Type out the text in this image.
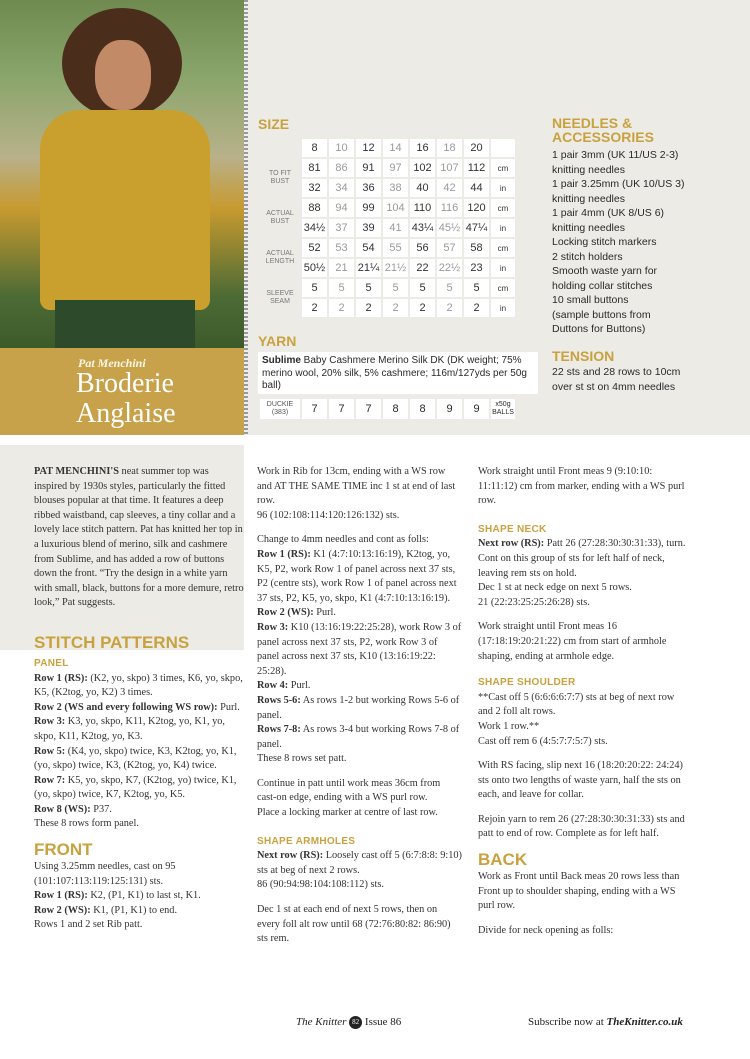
Pat Menchini
Broderie
Anglaise
SIZE
	8	10	12	14	16	18	20	
TO FIT BUST	81	86	91	97	102	107	112	cm
	32	34	36	38	40	42	44	in
ACTUAL BUST	88	94	99	104	110	116	120	cm
	34½	37	39	41	43¼	45½	47¼	in
ACTUAL LENGTH	52	53	54	55	56	57	58	cm
	50½	21	21¼	21½	22	22½	23	in
SLEEVE SEAM	5	5	5	5	5	5	5	cm
	2	2	2	2	2	2	2	in
YARN
Sublime Baby Cashmere Merino Silk DK (DK weight; 75% merino wool, 20% silk, 5% cashmere; 116m/127yds per 50g ball)
DUCKIE (383)	7	7	7	8	8	9	9	x50g BALLS
NEEDLES &
ACCESSORIES
1 pair 3mm (UK 11/US 2-3)
knitting needles
1 pair 3.25mm (UK 10/US 3)
knitting needles
1 pair 4mm (UK 8/US 6)
knitting needles
Locking stitch markers
2 stitch holders
Smooth waste yarn for
holding collar stitches
10 small buttons
(sample buttons from
Duttons for Buttons)
TENSION
22 sts and 28 rows to 10cm
over st st on 4mm needles

PAT MENCHINI'S neat summer top was inspired by 1930s styles, particularly the fitted blouses popular at that time. It features a deep ribbed waistband, cap sleeves, a tiny collar and a lovely lace stitch pattern. Pat has knitted her top in a luxurious blend of merino, silk and cashmere from Sublime, and has added a row of buttons down the front. “Try the design in a white yarn with small, black, buttons for a more demure, retro look,” Pat suggests.

STITCH PATTERNS
PANEL

Row 1 (RS): (K2, yo, skpo) 3 times, K6, yo, skpo, K5, (K2tog, yo, K2) 3 times.

Row 2 (WS and every following WS row): Purl.

Row 3: K3, yo, skpo, K11, K2tog, yo, K1, yo, skpo, K11, K2tog, yo, K3.

Row 5: (K4, yo, skpo) twice, K3, K2tog, yo, K1, (yo, skpo) twice, K3, (K2tog, yo, K4) twice.

Row 7: K5, yo, skpo, K7, (K2tog, yo) twice, K1, (yo, skpo) twice, K7, K2tog, yo, K5.

Row 8 (WS): P37.

These 8 rows form panel.

FRONT

Using 3.25mm needles, cast on 95 (101:107:113:119:125:131) sts.

Row 1 (RS): K2, (P1, K1) to last st, K1.

Row 2 (WS): K1, (P1, K1) to end.

Rows 1 and 2 set Rib patt.

Work in Rib for 13cm, ending with a WS row and AT THE SAME TIME inc 1 st at end of last row.

96 (102:108:114:120:126:132) sts.

Change to 4mm needles and cont as folls:

Row 1 (RS): K1 (4:7:10:13:16:19), K2tog, yo, K5, P2, work Row 1 of panel across next 37 sts, P2 (centre sts), work Row 1 of panel across next 37 sts, P2, K5, yo, skpo, K1 (4:7:10:13:16:19).

Row 2 (WS): Purl.

Row 3: K10 (13:16:19:22:25:28), work Row 3 of panel across next 37 sts, P2, work Row 3 of panel across next 37 sts, K10 (13:16:19:22: 25:28).

Row 4: Purl.

Rows 5-6: As rows 1-2 but working Rows 5-6 of panel.

Rows 7-8: As rows 3-4 but working Rows 7-8 of panel.

These 8 rows set patt.

Continue in patt until work meas 36cm from cast-on edge, ending with a WS purl row.

Place a locking marker at centre of last row.

SHAPE ARMHOLES

Next row (RS): Loosely cast off 5 (6:7:8:8: 9:10) sts at beg of next 2 rows.

86 (90:94:98:104:108:112) sts.

Dec 1 st at each end of next 5 rows, then on every foll alt row until 68 (72:76:80:82: 86:90) sts rem.

Work straight until Front meas 9 (9:10:10: 11:11:12) cm from marker, ending with a WS purl row.

SHAPE NECK

Next row (RS): Patt 26 (27:28:30:30:31:33), turn.

Cont on this group of sts for left half of neck, leaving rem sts on hold.

Dec 1 st at neck edge on next 5 rows.

21 (22:23:25:25:26:28) sts.

Work straight until Front meas 16 (17:18:19:20:21:22) cm from start of armhole shaping, ending at armhole edge.

SHAPE SHOULDER

**Cast off 5 (6:6:6:6:7:7) sts at beg of next row and 2 foll alt rows.

Work 1 row.**

Cast off rem 6 (4:5:7:7:5:7) sts.

With RS facing, slip next 16 (18:20:20:22: 24:24) sts onto two lengths of waste yarn, half the sts on each, and leave for collar.

Rejoin yarn to rem 26 (27:28:30:30:31:33) sts and patt to end of row. Complete as for left half.

BACK

Work as Front until Back meas 20 rows less than Front up to shoulder shaping, ending with a WS purl row.

Divide for neck opening as folls:

The Knitter 82 Issue 86	Subscribe now at TheKnitter.co.uk
